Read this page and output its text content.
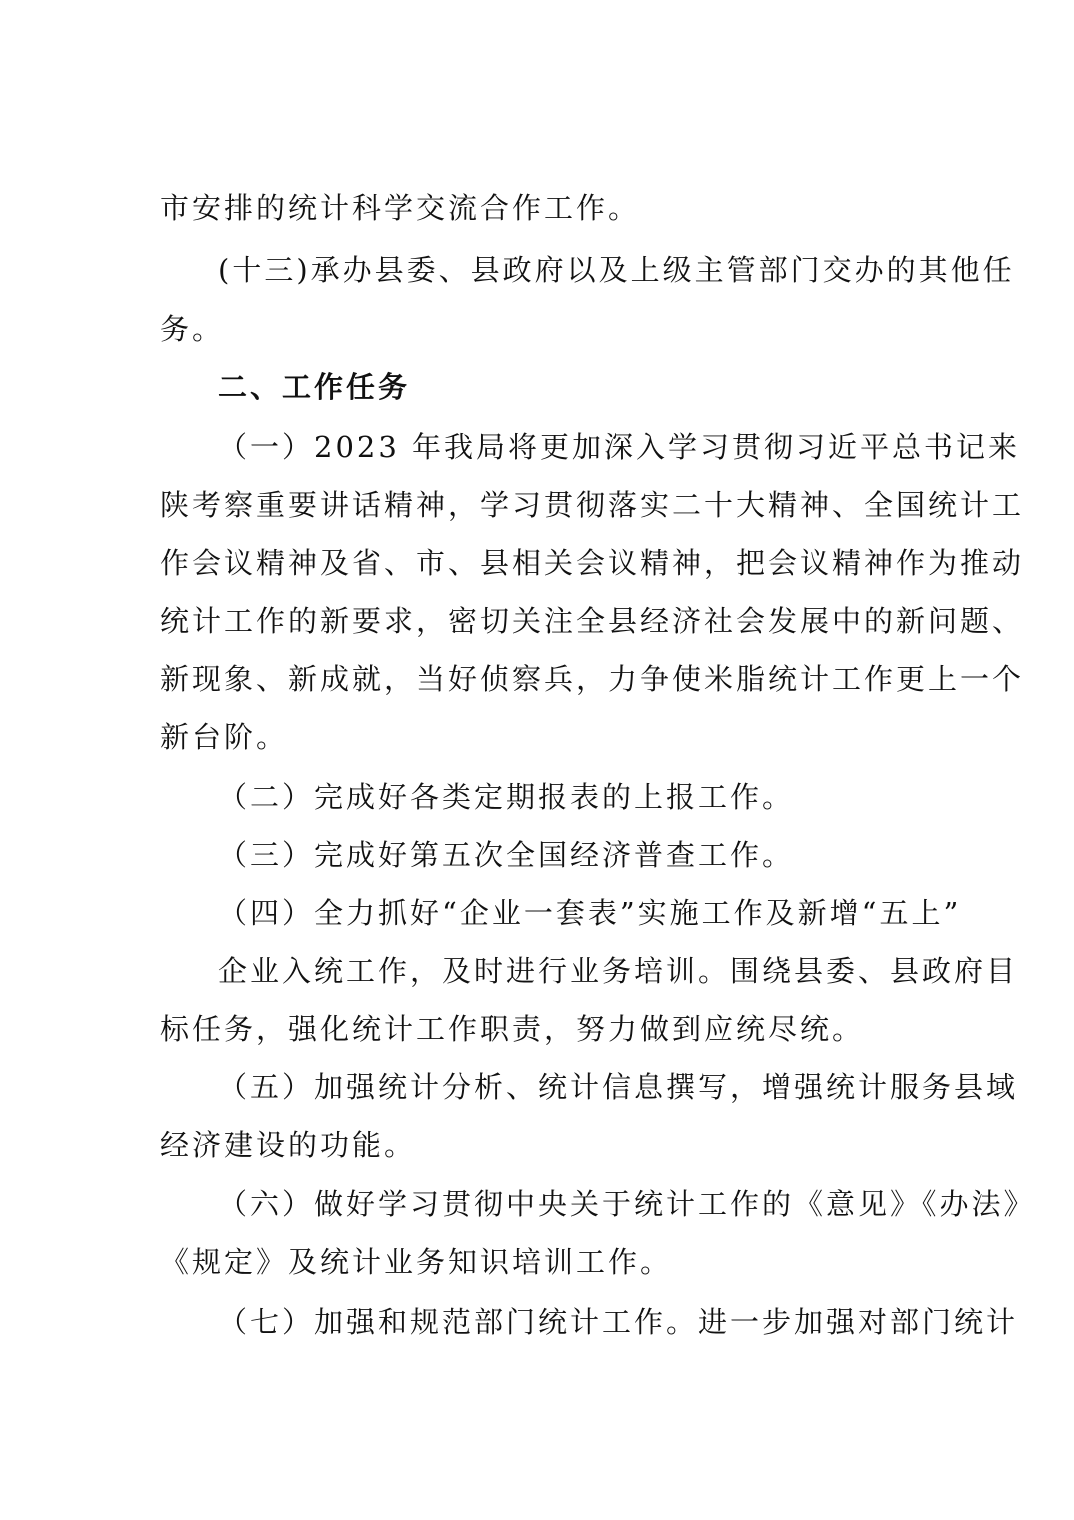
市安排的统计科学交流合作工作。
(十三)承办县委、县政府以及上级主管部门交办的其他任
务。
二、工作任务
（一）2023 年我局将更加深入学习贯彻习近平总书记来
陕考察重要讲话精神，学习贯彻落实二十大精神、全国统计工
作会议精神及省、市、县相关会议精神，把会议精神作为推动
统计工作的新要求，密切关注全县经济社会发展中的新问题、
新现象、新成就，当好侦察兵，力争使米脂统计工作更上一个
新台阶。
（二）完成好各类定期报表的上报工作。
（三）完成好第五次全国经济普查工作。
（四）全力抓好“企业一套表”实施工作及新增“五上”
企业入统工作，及时进行业务培训。围绕县委、县政府目
标任务，强化统计工作职责，努力做到应统尽统。
（五）加强统计分析、统计信息撰写，增强统计服务县域
经济建设的功能。
（六）做好学习贯彻中央关于统计工作的《意见》《办法》
《规定》及统计业务知识培训工作。
（七）加强和规范部门统计工作。进一步加强对部门统计
